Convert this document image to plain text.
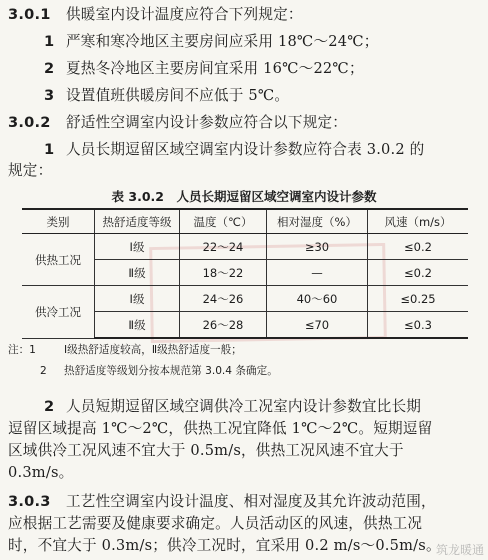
3.0.1 供暖室内设计温度应符合下列规定：
1 严寒和寒冷地区主要房间应采用 18℃～24℃；
2 夏热冬冷地区主要房间宜采用 16℃～22℃；
3 设置值班供暖房间不应低于 5℃。
3.0.2 舒适性空调室内设计参数应符合以下规定：
1 人员长期逗留区域空调室内设计参数应符合表 3.0.2 的
规定：
表 3.0.2　人员长期逗留区域空调室内设计参数
类别	热舒适度等级	温度（℃）	相对湿度（%）	风速（m/s）
供热工况	Ⅰ级	22～24	≥30	≤0.2
	Ⅱ级	18～22	—	≤0.2
供冷工况	Ⅰ级	24～26	40～60	≤0.25
	Ⅱ级	26～28	≤70	≤0.3
注：1	Ⅰ级热舒适度较高，Ⅱ级热舒适度一般；
2 热舒适度等级划分按本规范第 3.0.4 条确定。
2 人员短期逗留区域空调供冷工况室内设计参数宜比长期
逗留区域提高 1℃～2℃，供热工况宜降低 1℃～2℃。短期逗留
区域供冷工况风速不宜大于 0.5m/s，供热工况风速不宜大于
0.3m/s。
3.0.3 工艺性空调室内设计温度、相对湿度及其允许波动范围，
应根据工艺需要及健康要求确定。人员活动区的风速，供热工况
时，不宜大于 0.3m/s；供冷工况时，宜采用 0.2 m/s～0.5m/s。
筑龙暖通
